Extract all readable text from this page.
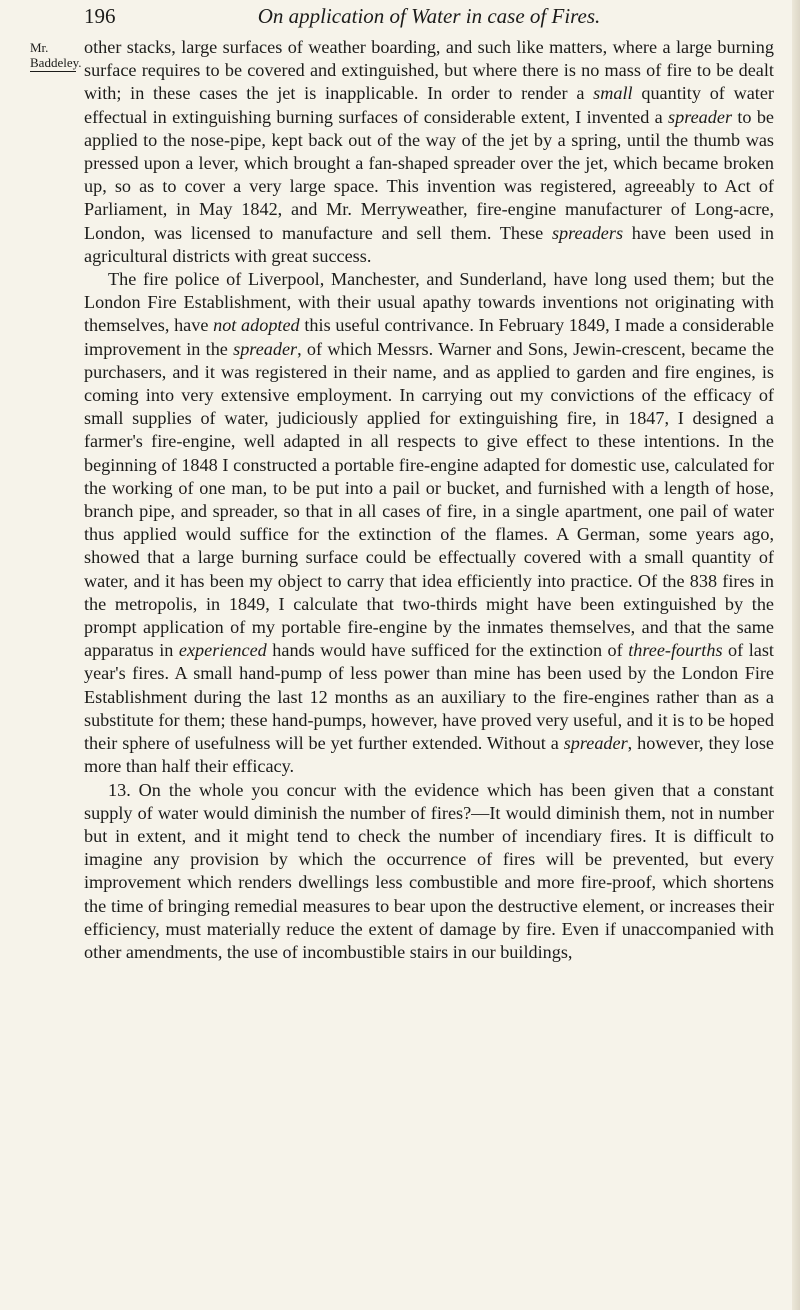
196	On application of Water in case of Fires.
Mr.

Baddeley.

other stacks, large surfaces of weather boarding, and such like matters, where a large burning surface requires to be covered and extinguished, but where there is no mass of fire to be dealt with; in these cases the jet is inapplicable. In order to render a small quantity of water effectual in extinguishing burning surfaces of considerable extent, I invented a spreader to be applied to the nose-pipe, kept back out of the way of the jet by a spring, until the thumb was pressed upon a lever, which brought a fan-shaped spreader over the jet, which became broken up, so as to cover a very large space. This invention was registered, agreeably to Act of Parliament, in May 1842, and Mr. Merryweather, fire-engine manufacturer of Long-acre, London, was licensed to manufacture and sell them. These spreaders have been used in agricultural districts with great success.

The fire police of Liverpool, Manchester, and Sunderland, have long used them; but the London Fire Establishment, with their usual apathy towards inventions not originating with themselves, have not adopted this useful contrivance. In February 1849, I made a considerable improvement in the spreader, of which Messrs. Warner and Sons, Jewin-crescent, became the purchasers, and it was registered in their name, and as applied to garden and fire engines, is coming into very extensive employment. In carrying out my convictions of the efficacy of small supplies of water, judiciously applied for extinguishing fire, in 1847, I designed a farmer's fire-engine, well adapted in all respects to give effect to these intentions. In the beginning of 1848 I constructed a portable fire-engine adapted for domestic use, calculated for the working of one man, to be put into a pail or bucket, and furnished with a length of hose, branch pipe, and spreader, so that in all cases of fire, in a single apartment, one pail of water thus applied would suffice for the extinction of the flames. A German, some years ago, showed that a large burning surface could be effectually covered with a small quantity of water, and it has been my object to carry that idea efficiently into practice. Of the 838 fires in the metropolis, in 1849, I calculate that two-thirds might have been extinguished by the prompt application of my portable fire-engine by the inmates themselves, and that the same apparatus in experienced hands would have sufficed for the extinction of three-fourths of last year's fires. A small hand-pump of less power than mine has been used by the London Fire Establishment during the last 12 months as an auxiliary to the fire-engines rather than as a substitute for them; these hand-pumps, however, have proved very useful, and it is to be hoped their sphere of usefulness will be yet further extended. Without a spreader, however, they lose more than half their efficacy.

13. On the whole you concur with the evidence which has been given that a constant supply of water would diminish the number of fires?—It would diminish them, not in number but in extent, and it might tend to check the number of incendiary fires. It is difficult to imagine any provision by which the occurrence of fires will be prevented, but every improvement which renders dwellings less combustible and more fire-proof, which shortens the time of bringing remedial measures to bear upon the destructive element, or increases their efficiency, must materially reduce the extent of damage by fire. Even if unaccompanied with other amendments, the use of incombustible stairs in our buildings,
